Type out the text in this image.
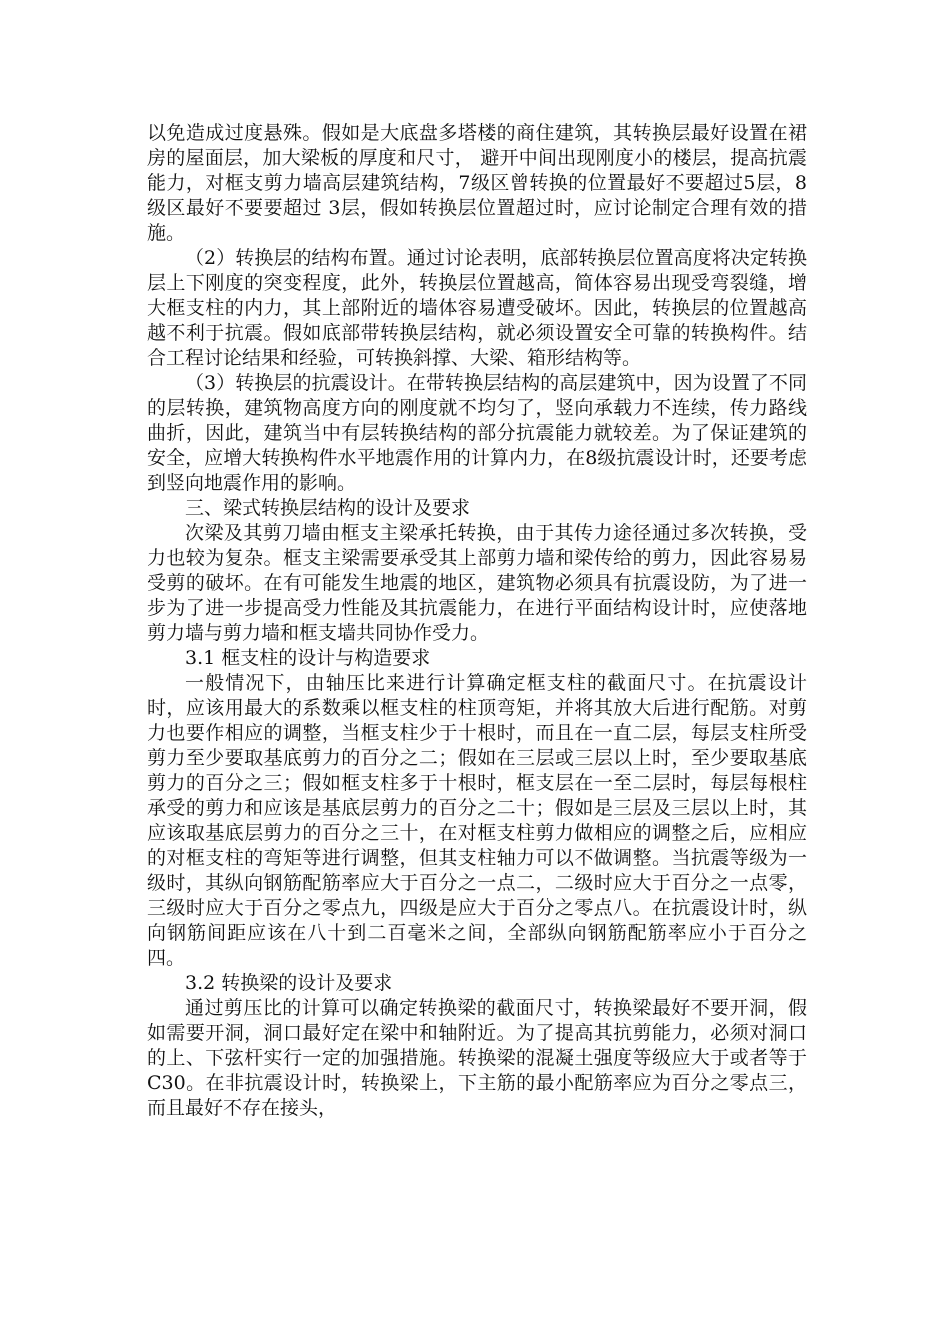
以免造成过度悬殊。假如是大底盘多塔楼的商住建筑，其转换层最好设置在裙房的屋面层，加大梁板的厚度和尺寸， 避开中间出现刚度小的楼层，提高抗震能力，对框支剪力墙高层建筑结构，7级区曾转换的位置最好不要超过5层，8级区最好不要要超过 3层，假如转换层位置超过时，应讨论制定合理有效的措施。

（2）转换层的结构布置。通过讨论表明，底部转换层位置高度将决定转换层上下刚度的突变程度，此外，转换层位置越高，简体容易出现受弯裂缝，增大框支柱的内力，其上部附近的墙体容易遭受破坏。因此，转换层的位置越高越不利于抗震。假如底部带转换层结构，就必须设置安全可靠的转换构件。结合工程讨论结果和经验，可转换斜撑、大梁、箱形结构等。

（3）转换层的抗震设计。在带转换层结构的高层建筑中，因为设置了不同的层转换，建筑物高度方向的刚度就不均匀了，竖向承载力不连续，传力路线曲折，因此，建筑当中有层转换结构的部分抗震能力就较差。为了保证建筑的安全，应增大转换构件水平地震作用的计算内力，在8级抗震设计时，还要考虑到竖向地震作用的影响。

三、梁式转换层结构的设计及要求

次梁及其剪刀墙由框支主梁承托转换，由于其传力途径通过多次转换，受力也较为复杂。框支主梁需要承受其上部剪力墙和梁传给的剪力，因此容易易受剪的破坏。在有可能发生地震的地区，建筑物必须具有抗震设防，为了进一步为了进一步提高受力性能及其抗震能力，在进行平面结构设计时，应使落地剪力墙与剪力墙和框支墙共同协作受力。

3.1 框支柱的设计与构造要求

一般情况下，由轴压比来进行计算确定框支柱的截面尺寸。在抗震设计时，应该用最大的系数乘以框支柱的柱顶弯矩，并将其放大后进行配筋。对剪力也要作相应的调整，当框支柱少于十根时，而且在一直二层，每层支柱所受剪力至少要取基底剪力的百分之二；假如在三层或三层以上时，至少要取基底剪力的百分之三；假如框支柱多于十根时，框支层在一至二层时，每层每根柱承受的剪力和应该是基底层剪力的百分之二十；假如是三层及三层以上时，其应该取基底层剪力的百分之三十，在对框支柱剪力做相应的调整之后，应相应的对框支柱的弯矩等进行调整，但其支柱轴力可以不做调整。当抗震等级为一级时，其纵向钢筋配筋率应大于百分之一点二，二级时应大于百分之一点零，三级时应大于百分之零点九，四级是应大于百分之零点八。在抗震设计时，纵向钢筋间距应该在八十到二百毫米之间，全部纵向钢筋配筋率应小于百分之四。

3.2 转换梁的设计及要求

通过剪压比的计算可以确定转换梁的截面尺寸，转换梁最好不要开洞，假如需要开洞，洞口最好定在梁中和轴附近。为了提高其抗剪能力，必须对洞口的上、下弦杆实行一定的加强措施。转换梁的混凝土强度等级应大于或者等于C30。在非抗震设计时，转换梁上，下主筋的最小配筋率应为百分之零点三，而且最好不存在接头，
